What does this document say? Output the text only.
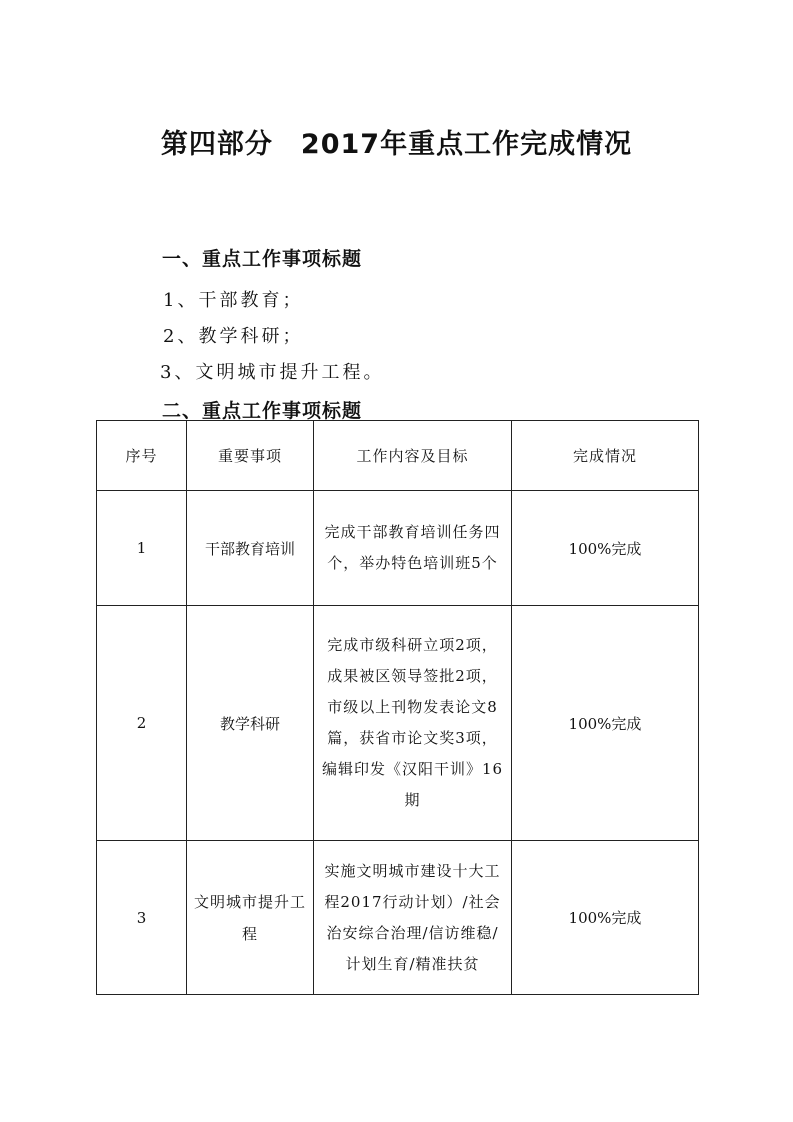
第四部分　2017年重点工作完成情况
一、重点工作事项标题
1、干部教育；
2、教学科研；
3、文明城市提升工程。
二、重点工作事项标题
序号	重要事项	工作内容及目标	完成情况
1	干部教育培训	完成干部教育培训任务四个，举办特色培训班5个	100%完成
2	教学科研	完成市级科研立项2项，成果被区领导签批2项，市级以上刊物发表论文8篇，获省市论文奖3项，编辑印发《汉阳干训》16期	100%完成
3	文明城市提升工程	实施文明城市建设十大工程2017行动计划）/社会治安综合治理/信访维稳/计划生育/精准扶贫	100%完成
